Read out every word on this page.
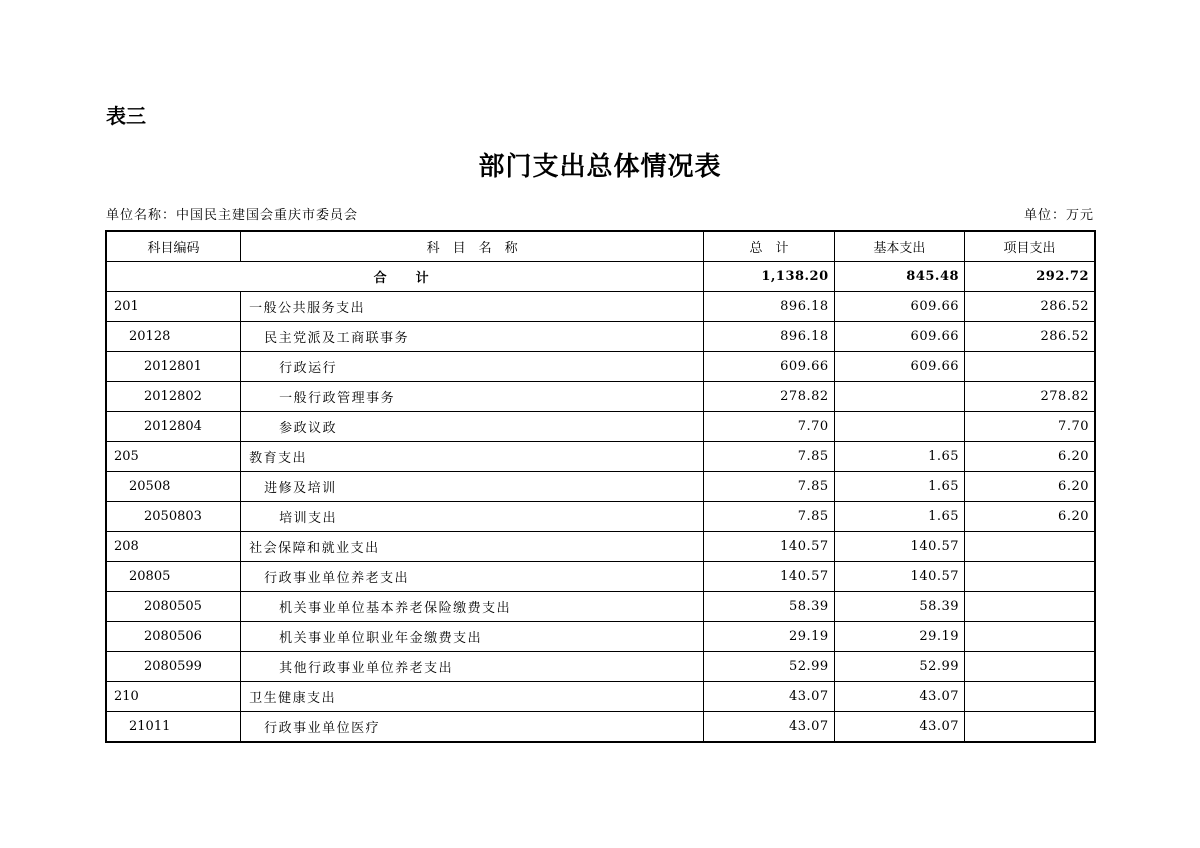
表三
部门支出总体情况表
单位名称：中国民主建国会重庆市委员会	单位：万元
科目编码	科　目　名　称	总　计	基本支出	项目支出
合　计		1,138.20	845.48	292.72
201	一般公共服务支出	896.18	609.66	286.52
20128	民主党派及工商联事务	896.18	609.66	286.52
2012801	行政运行	609.66	609.66	
2012802	一般行政管理事务	278.82		278.82
2012804	参政议政	7.70		7.70
205	教育支出	7.85	1.65	6.20
20508	进修及培训	7.85	1.65	6.20
2050803	培训支出	7.85	1.65	6.20
208	社会保障和就业支出	140.57	140.57	
20805	行政事业单位养老支出	140.57	140.57	
2080505	机关事业单位基本养老保险缴费支出	58.39	58.39	
2080506	机关事业单位职业年金缴费支出	29.19	29.19	
2080599	其他行政事业单位养老支出	52.99	52.99	
210	卫生健康支出	43.07	43.07	
21011	行政事业单位医疗	43.07	43.07	
